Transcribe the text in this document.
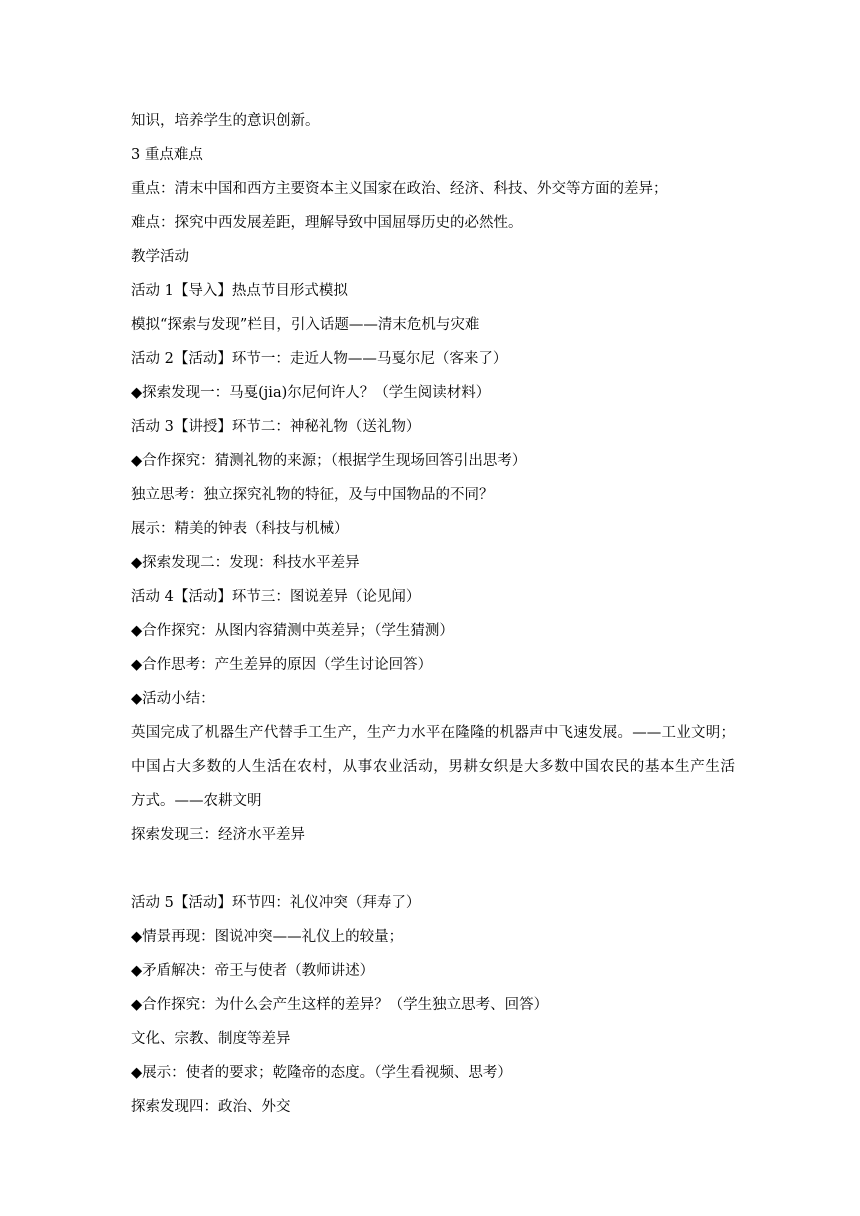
知识，培养学生的意识创新。

3 重点难点

重点：清末中国和西方主要资本主义国家在政治、经济、科技、外交等方面的差异；

难点：探究中西发展差距，理解导致中国屈辱历史的必然性。

教学活动

活动 1【导入】热点节目形式模拟

模拟“探索与发现”栏目，引入话题——清末危机与灾难

活动 2【活动】环节一：走近人物——马戛尔尼（客来了）

◆探索发现一：马戛(jia)尔尼何许人？（学生阅读材料）

活动 3【讲授】环节二：神秘礼物（送礼物）

◆合作探究：猜测礼物的来源；（根据学生现场回答引出思考）

独立思考：独立探究礼物的特征，及与中国物品的不同？

展示：精美的钟表（科技与机械）

◆探索发现二：发现：科技水平差异

活动 4【活动】环节三：图说差异（论见闻）

◆合作探究：从图内容猜测中英差异；（学生猜测）

◆合作思考：产生差异的原因（学生讨论回答）

◆活动小结：

英国完成了机器生产代替手工生产，生产力水平在隆隆的机器声中飞速发展。——工业文明；

中国占大多数的人生活在农村，从事农业活动，男耕女织是大多数中国农民的基本生产生活

方式。——农耕文明

探索发现三：经济水平差异

活动 5【活动】环节四：礼仪冲突（拜寿了）

◆情景再现：图说冲突——礼仪上的较量；

◆矛盾解决：帝王与使者（教师讲述）

◆合作探究：为什么会产生这样的差异？（学生独立思考、回答）

文化、宗教、制度等差异

◆展示：使者的要求；乾隆帝的态度。（学生看视频、思考）

探索发现四：政治、外交
